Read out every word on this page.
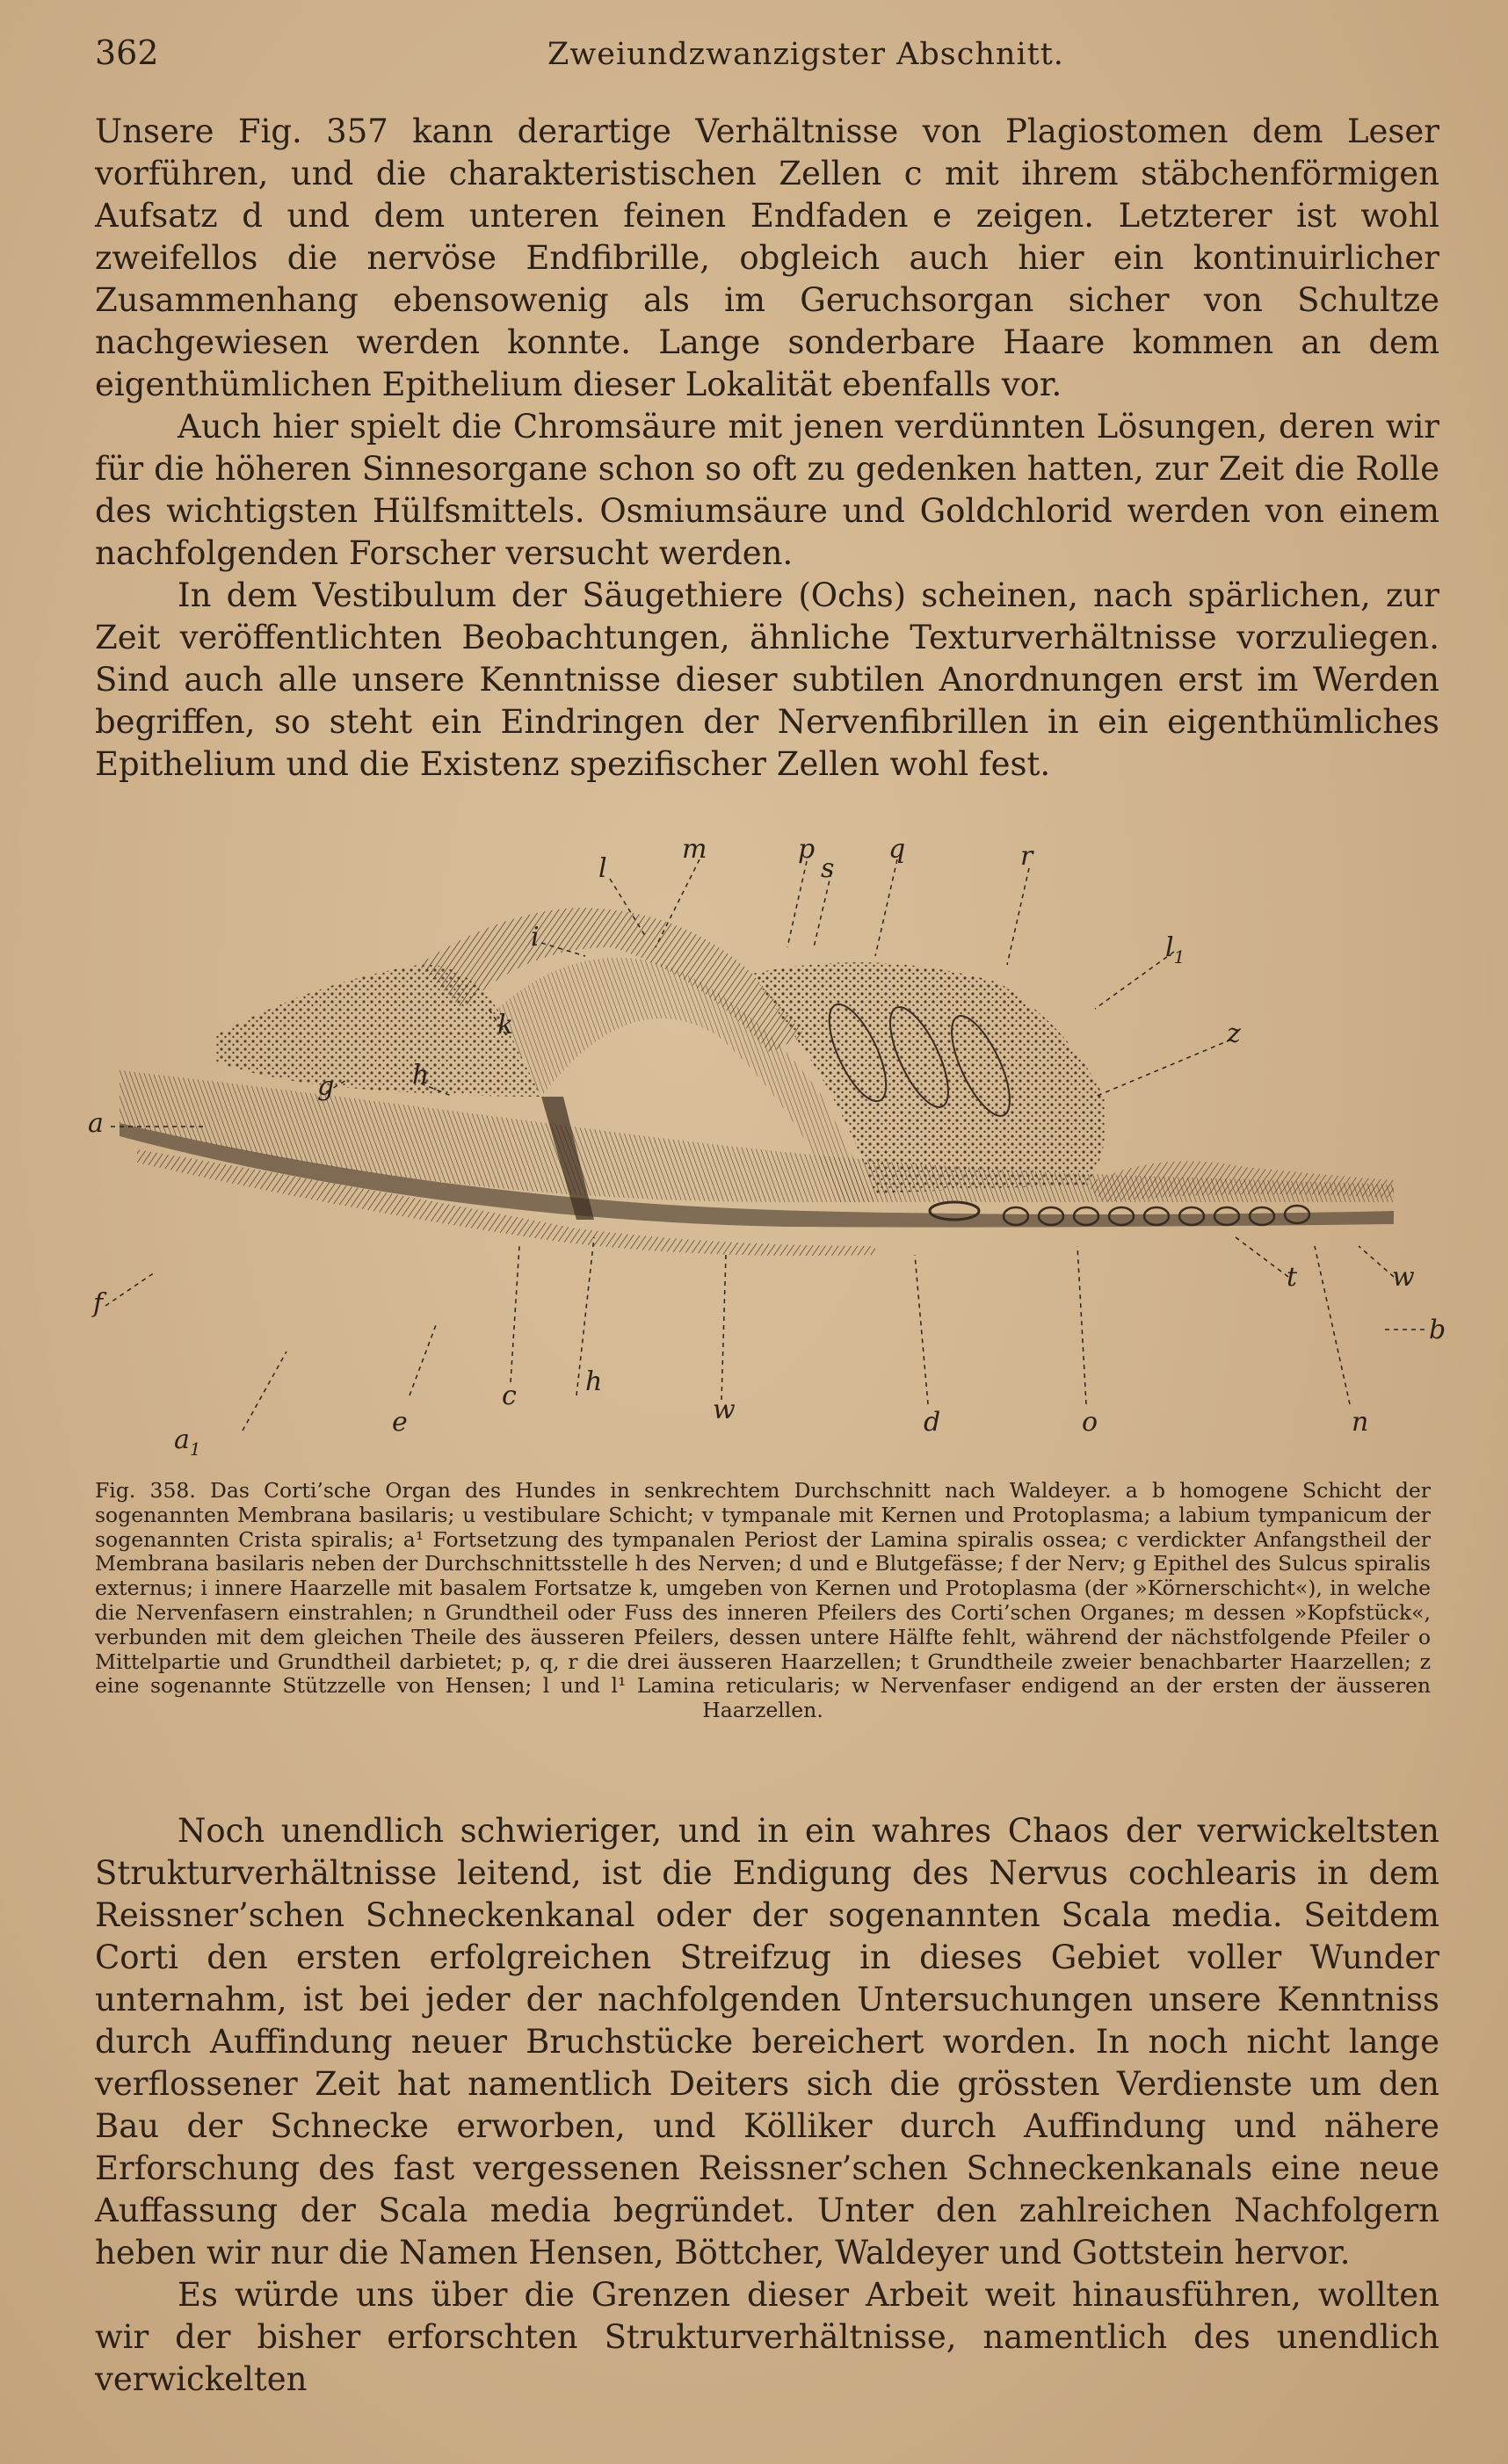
362	Zweiundzwanzigster Abschnitt.

Unsere Fig. 357 kann derartige Verhältnisse von Plagiostomen dem Leser vorführen, und die charakteristischen Zellen c mit ihrem stäbchenförmigen Aufsatz d und dem unteren feinen Endfaden e zeigen. Letzterer ist wohl zweifellos die nervöse Endfibrille, obgleich auch hier ein kontinuirlicher Zusammenhang ebensowenig als im Geruchsorgan sicher von Schultze nachgewiesen werden konnte. Lange sonderbare Haare kommen an dem eigenthümlichen Epithelium dieser Lokalität ebenfalls vor.

Auch hier spielt die Chromsäure mit jenen verdünnten Lösungen, deren wir für die höheren Sinnesorgane schon so oft zu gedenken hatten, zur Zeit die Rolle des wichtigsten Hülfsmittels. Osmiumsäure und Goldchlorid werden von einem nachfolgenden Forscher versucht werden.

In dem Vestibulum der Säugethiere (Ochs) scheinen, nach spärlichen, zur Zeit veröffentlichten Beobachtungen, ähnliche Texturverhältnisse vorzuliegen. Sind auch alle unsere Kenntnisse dieser subtilen Anordnungen erst im Werden begriffen, so steht ein Eindringen der Nervenfibrillen in ein eigenthümliches Epithelium und die Existenz spezifischer Zellen wohl fest.

m	p
s
q	r
l
i	$l_1$
k	z
g	h
a
f
t	w
b
c
e
h
w	d	o	n
$a_1$

Fig. 358. Das Corti’sche Organ des Hundes in senkrechtem Durchschnitt nach Waldeyer. a b homogene Schicht der sogenannten Membrana basilaris; u vestibulare Schicht; v tympanale mit Kernen und Protoplasma; a labium tympanicum der sogenannten Crista spiralis; a¹ Fortsetzung des tympanalen Periost der Lamina spiralis ossea; c verdickter Anfangstheil der Membrana basilaris neben der Durchschnittsstelle h des Nerven; d und e Blutgefässe; f der Nerv; g Epithel des Sulcus spiralis externus; i innere Haarzelle mit basalem Fortsatze k, umgeben von Kernen und Protoplasma (der »Körnerschicht«), in welche die Nervenfasern einstrahlen; n Grundtheil oder Fuss des inneren Pfeilers des Corti’schen Organes; m dessen »Kopfstück«, verbunden mit dem gleichen Theile des äusseren Pfeilers, dessen untere Hälfte fehlt, während der nächstfolgende Pfeiler o Mittelpartie und Grundtheil darbietet; p, q, r die drei äusseren Haarzellen; t Grundtheile zweier benachbarter Haarzellen; z eine sogenannte Stützzelle von Hensen; l und l¹ Lamina reticularis; w Nervenfaser endigend an der ersten der äusseren Haarzellen.

Noch unendlich schwieriger, und in ein wahres Chaos der verwickeltsten Strukturverhältnisse leitend, ist die Endigung des Nervus cochlearis in dem Reissner’schen Schneckenkanal oder der sogenannten Scala media. Seitdem Corti den ersten erfolgreichen Streifzug in dieses Gebiet voller Wunder unternahm, ist bei jeder der nachfolgenden Untersuchungen unsere Kenntniss durch Auffindung neuer Bruchstücke bereichert worden. In noch nicht lange verflossener Zeit hat namentlich Deiters sich die grössten Verdienste um den Bau der Schnecke erworben, und Kölliker durch Auffindung und nähere Erforschung des fast vergessenen Reissner’schen Schneckenkanals eine neue Auffassung der Scala media begründet. Unter den zahlreichen Nachfolgern heben wir nur die Namen Hensen, Böttcher, Waldeyer und Gottstein hervor.

Es würde uns über die Grenzen dieser Arbeit weit hinausführen, wollten wir der bisher erforschten Strukturverhältnisse, namentlich des unendlich verwickelten
